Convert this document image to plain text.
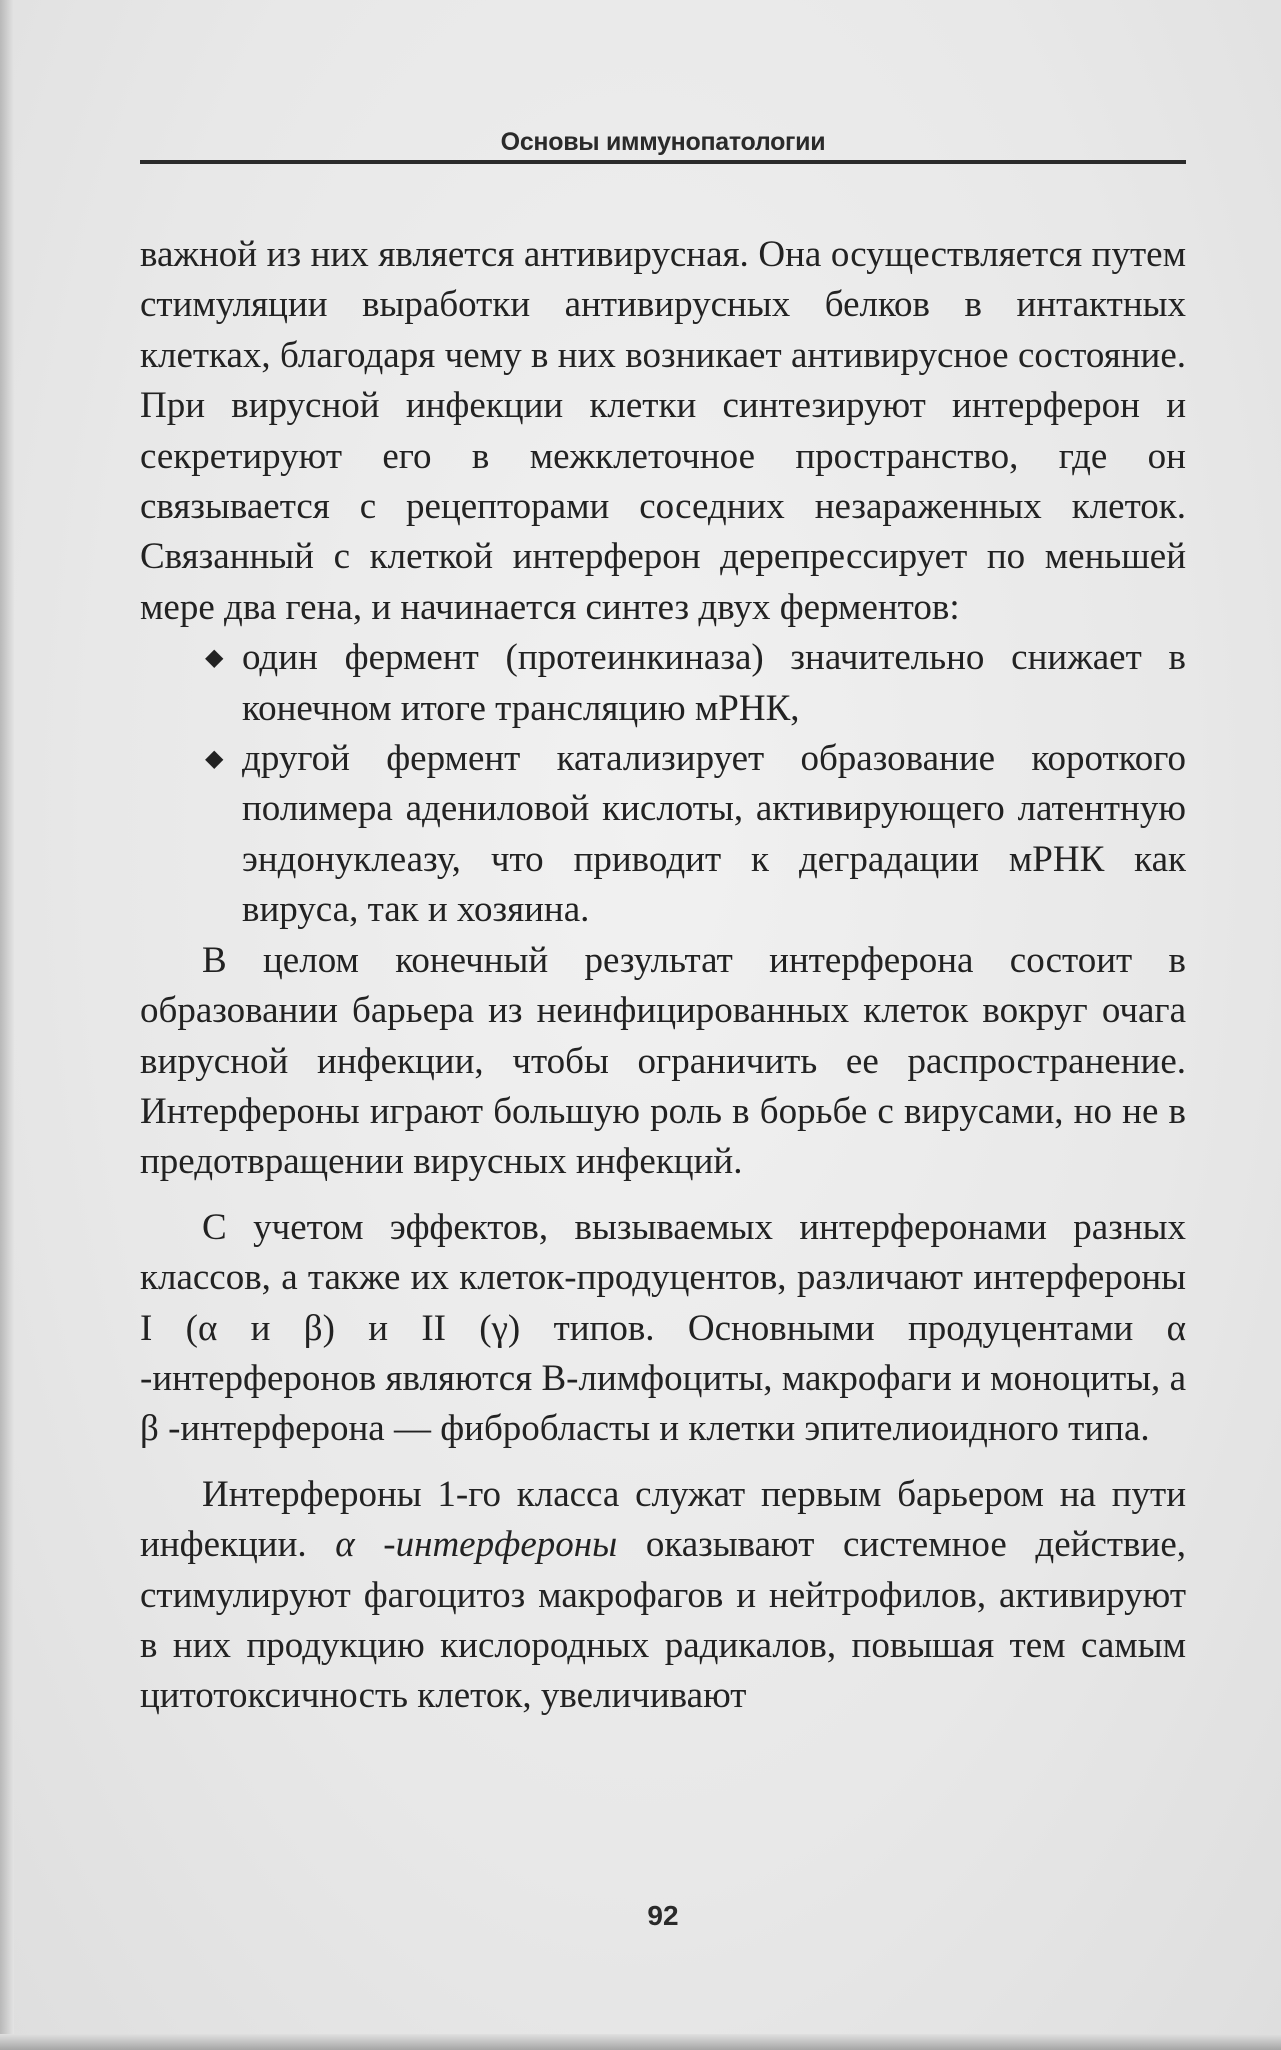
Основы иммунопатологии

важной из них является антивирусная. Она осуществляется путем стимуляции выработки антивирусных белков в интактных клетках, благодаря чему в них возникает антивирусное состояние. При вирусной инфекции клетки синтезируют интерферон и секретируют его в межклеточное пространство, где он связывается с рецепторами соседних незараженных клеток. Связанный с клеткой интерферон дерепрессирует по меньшей мере два гена, и начинается синтез двух ферментов:

◆ один фермент (протеинкиназа) значительно снижает в конечном итоге трансляцию мРНК,
◆ другой фермент катализирует образование короткого полимера адениловой кислоты, активирующего латентную эндонуклеазу, что приводит к деградации мРНК как вируса, так и хозяина.

В целом конечный результат интерферона состоит в образовании барьера из неинфицированных клеток вокруг очага вирусной инфекции, чтобы ограничить ее распространение. Интерфероны играют большую роль в борьбе с вирусами, но не в предотвращении вирусных инфекций.

С учетом эффектов, вызываемых интерферонами разных классов, а также их клеток-продуцентов, различают интерфероны I (α и β) и II (γ) типов. Основными продуцентами α -интерферонов являются В-лимфоциты, макрофаги и моноциты, а β -интерферона — фибробласты и клетки эпителиоидного типа.

Интерфероны 1-го класса служат первым барьером на пути инфекции. α -интерфероны оказывают системное действие, стимулируют фагоцитоз макрофагов и нейтрофилов, активируют в них продукцию кислородных радикалов, повышая тем самым цитотоксичность клеток, увеличивают

92
